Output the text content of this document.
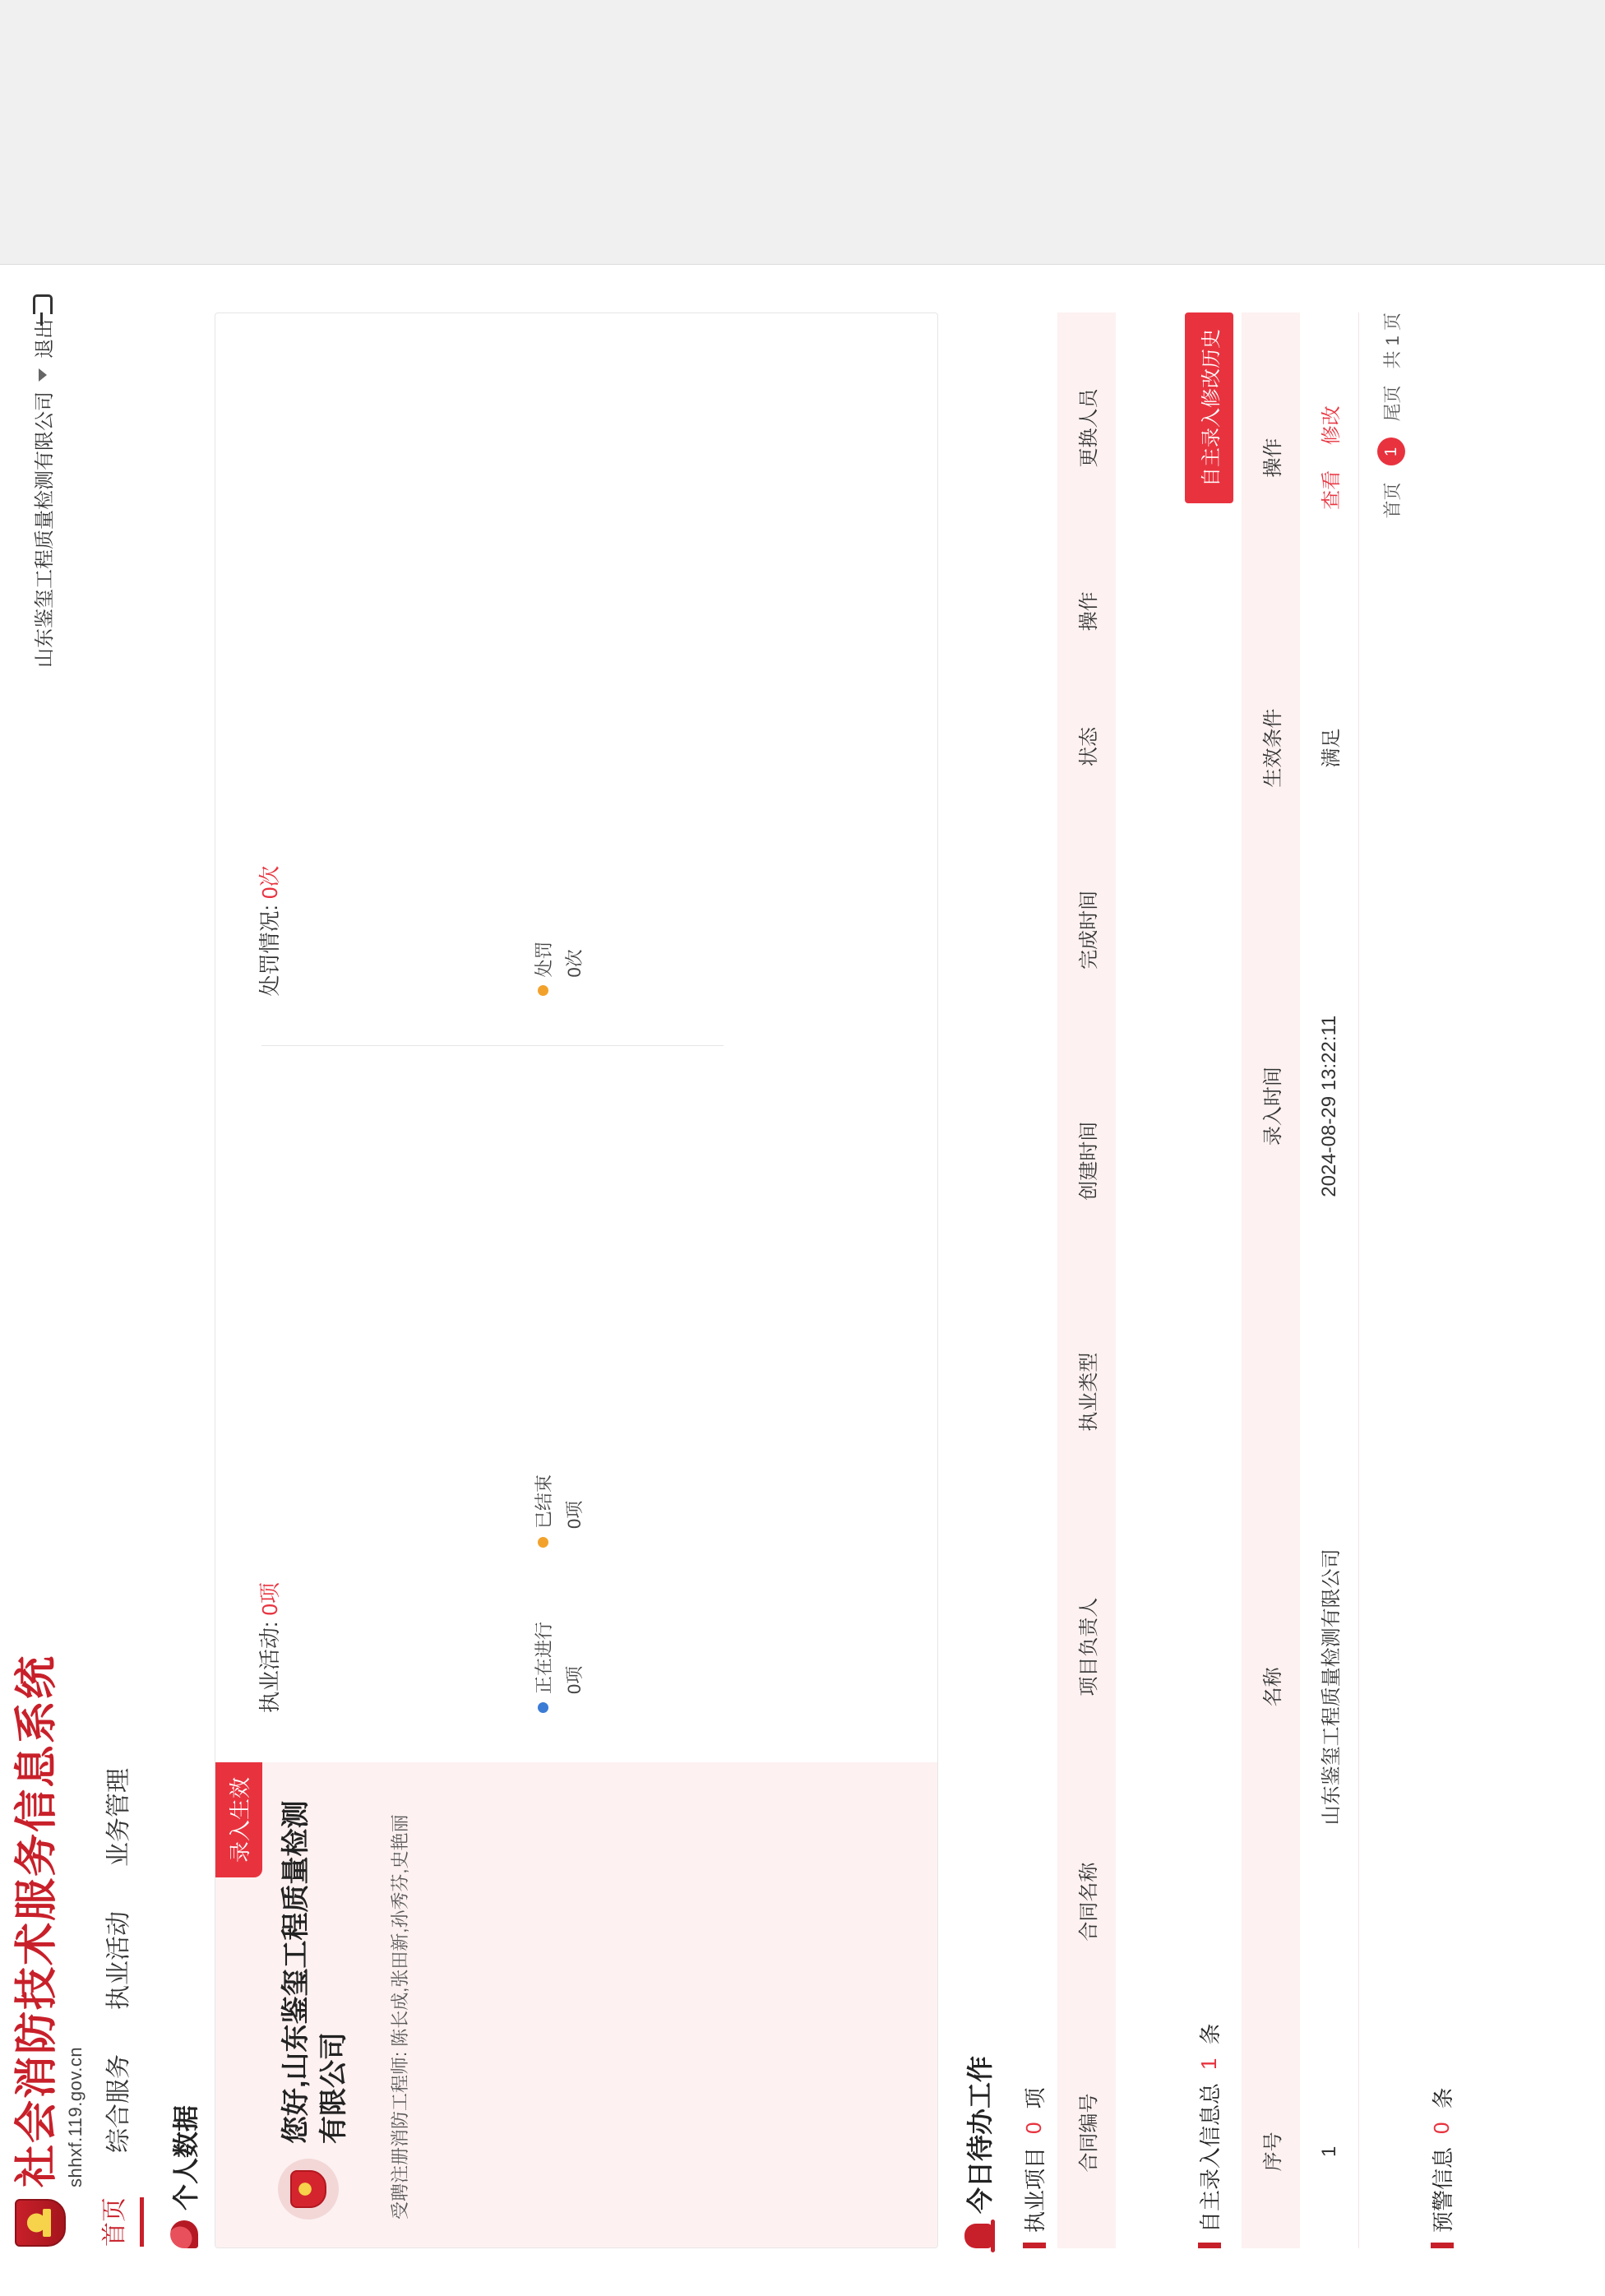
社会消防技术服务信息系统 shhxf.119.gov.cn
山东鉴玺工程质量检测有限公司
退出
首页
综合服务
执业活动
业务管理
个人数据
录入生效	您好,山东鉴玺工程质量检测有限公司 受聘注册消防工程师: 陈长成,张田新,孙秀芬,史艳丽
执业活动: 0项
正在进行 0项
已结束 0项
处罚情况: 0次
处罚 0次
今日待办工作 执业项目
0
项 合同编号	合同名称	项目负责人	执业类型	创建时间	完成时间	状态	操作	更换人员

自主录入信息总
1
条
自主录入修改历史
序号	名称	录入时间	生效条件	操作
1	山东鉴玺工程质量检测有限公司	2024-08-29 13:22:11	满足	查看 修改
首页
1
尾页
共 1 页
预警信息
0
条
